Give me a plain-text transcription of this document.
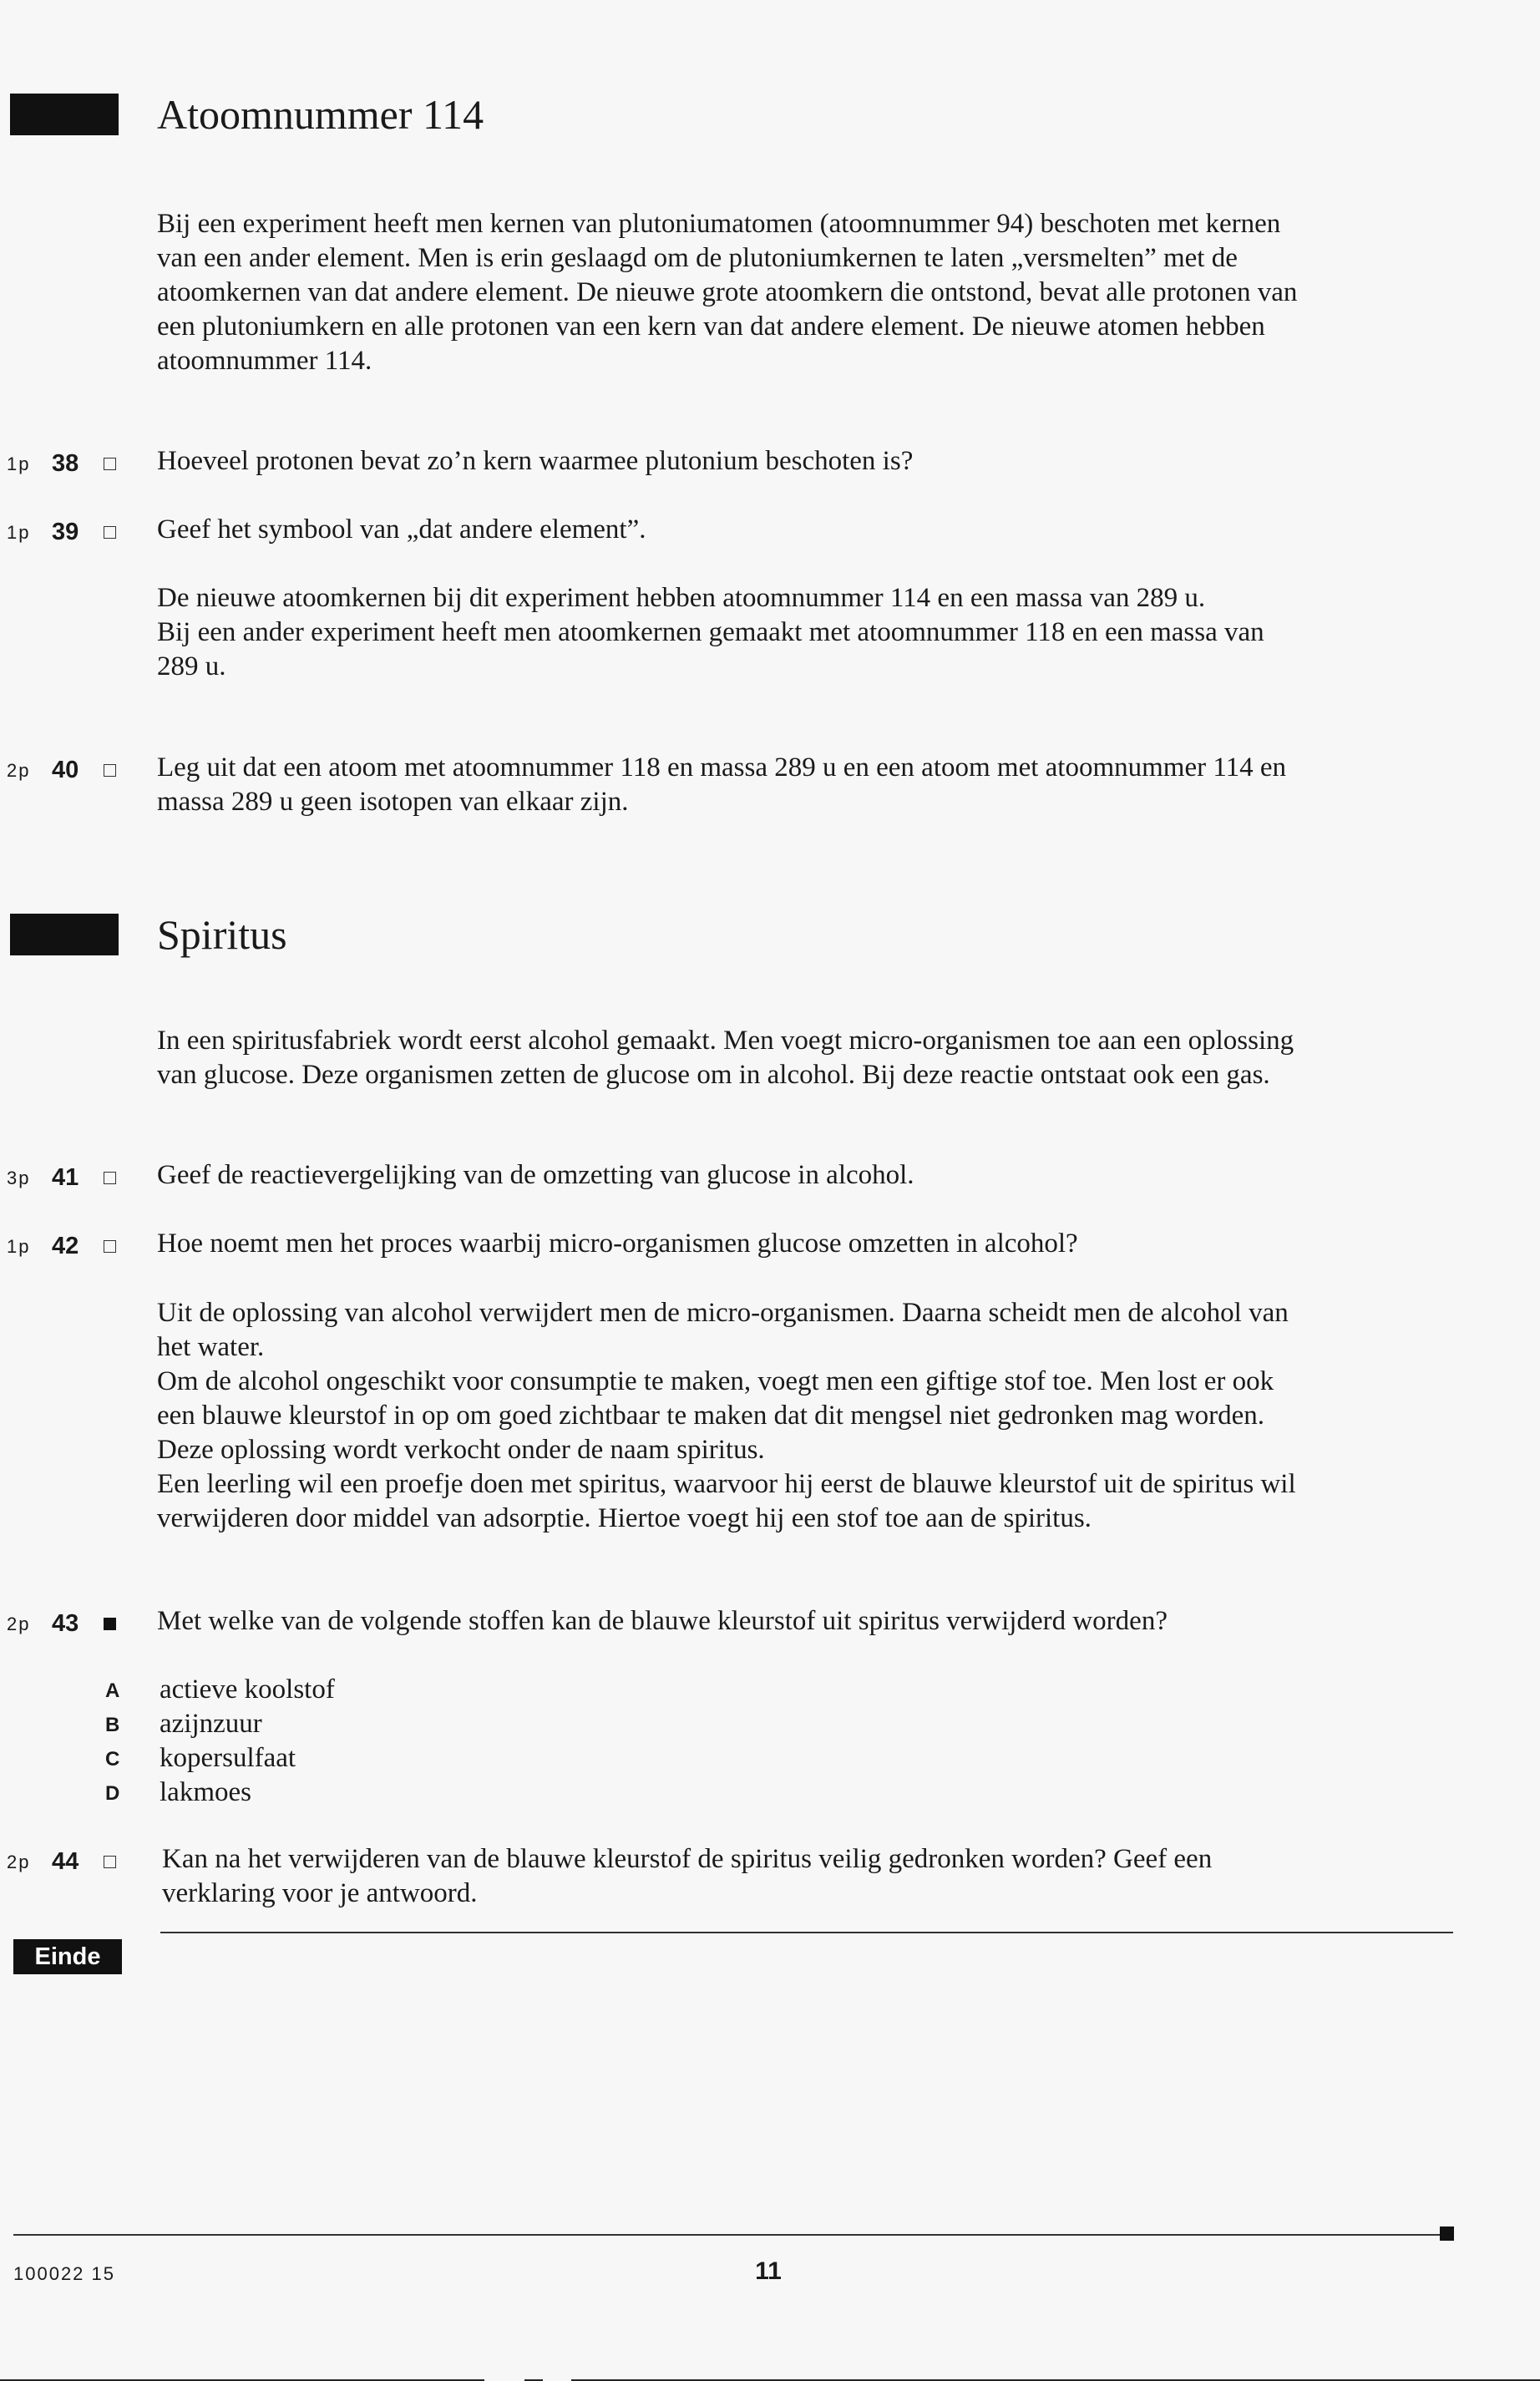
Atoomnummer 114

Bij een experiment heeft men kernen van plutoniumatomen (atoomnummer 94) beschoten met kernen van een ander element. Men is erin geslaagd om de plutoniumkernen te laten „versmelten” met de atoomkernen van dat andere element. De nieuwe grote atoomkern die ontstond, bevat alle protonen van een plutoniumkern en alle protonen van een kern van dat andere element. De nieuwe atomen hebben atoomnummer 114.

1p 38	Hoeveel protonen bevat zo’n kern waarmee plutonium beschoten is?
1p 39	Geef het symbool van „dat andere element”.

De nieuwe atoomkernen bij dit experiment hebben atoomnummer 114 en een massa van 289 u.

Bij een ander experiment heeft men atoomkernen gemaakt met atoomnummer 118 en een massa van 289 u.

2p 40	Leg uit dat een atoom met atoomnummer 118 en massa 289 u en een atoom met atoomnummer 114 en massa 289 u geen isotopen van elkaar zijn.
Spiritus

In een spiritusfabriek wordt eerst alcohol gemaakt. Men voegt micro-organismen toe aan een oplossing van glucose. Deze organismen zetten de glucose om in alcohol. Bij deze reactie ontstaat ook een gas.

3p 41	Geef de reactievergelijking van de omzetting van glucose in alcohol.
1p 42	Hoe noemt men het proces waarbij micro-organismen glucose omzetten in alcohol?

Uit de oplossing van alcohol verwijdert men de micro-organismen. Daarna scheidt men de alcohol van het water.

Om de alcohol ongeschikt voor consumptie te maken, voegt men een giftige stof toe. Men lost er ook een blauwe kleurstof in op om goed zichtbaar te maken dat dit mengsel niet gedronken mag worden. Deze oplossing wordt verkocht onder de naam spiritus.

Een leerling wil een proefje doen met spiritus, waarvoor hij eerst de blauwe kleurstof uit de spiritus wil verwijderen door middel van adsorptie. Hiertoe voegt hij een stof toe aan de spiritus.

2p 43	Met welke van de volgende stoffen kan de blauwe kleurstof uit spiritus verwijderd worden?
A actieve koolstof
B azijnzuur
C kopersulfaat
D lakmoes
2p 44	Kan na het verwijderen van de blauwe kleurstof de spiritus veilig gedronken worden? Geef een verklaring voor je antwoord.
Einde
100022 15	11
